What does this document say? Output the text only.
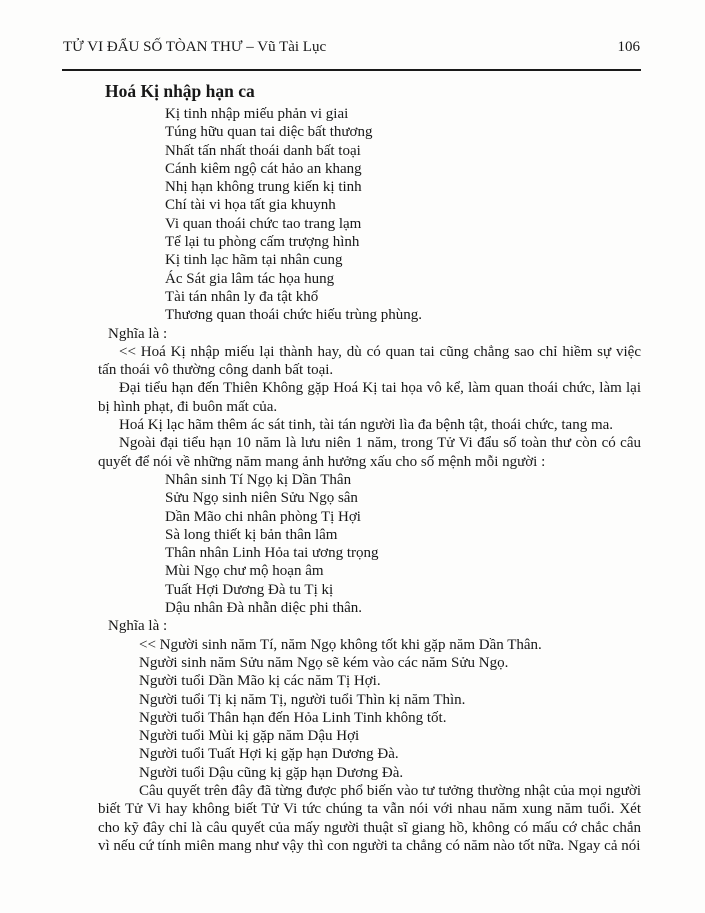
TỬ VI ĐẨU SỐ TÒAN THƯ – Vũ Tài Lục	106
Hoá Kị nhập hạn ca
Kị tinh nhập miếu phản vi giai
Túng hữu quan tai diệc bất thương
Nhất tấn nhất thoái danh bất toại
Cánh kiêm ngộ cát hảo an khang
Nhị hạn không trung kiến kị tinh
Chí tài vi họa tất gia khuynh
Vi quan thoái chức tao trang lạm
Tể lại tu phòng cấm trượng hình
Kị tinh lạc hãm tại nhân cung
Ác Sát gia lâm tác họa hung
Tài tán nhân ly đa tật khổ
Thương quan thoái chức hiếu trùng phùng.
Nghĩa là :

<< Hoá Kị nhập miếu lại thành hay, dù có quan tai cũng chẳng sao chỉ hiềm sự việc tấn thoái vô thường công danh bất toại.

Đại tiểu hạn đến Thiên Không gặp Hoá Kị tai họa vô kể, làm quan thoái chức, làm lại bị hình phạt, đi buôn mất của.

Hoá Kị lạc hãm thêm ác sát tinh, tài tán người lìa đa bệnh tật, thoái chức, tang ma.

Ngoài đại tiểu hạn 10 năm là lưu niên 1 năm, trong Tử Vi đẩu số toàn thư còn có câu quyết để nói về những năm mang ảnh hưởng xấu cho số mệnh mỗi người :

Nhân sinh Tí Ngọ kị Dần Thân
Sửu Ngọ sinh niên Sửu Ngọ sân
Dần Mão chi nhân phòng Tị Hợi
Sà long thiết kị bản thân lâm
Thân nhân Linh Hỏa tai ương trọng
Mùi Ngọ chư mộ hoạn âm
Tuất Hợi Dương Đà tu Tị kị
Dậu nhân Đà nhẫn diệc phi thân.
Nghĩa là :
<< Người sinh năm Tí, năm Ngọ không tốt khi gặp năm Dần Thân.
Người sinh năm Sửu năm Ngọ sẽ kém vào các năm Sửu Ngọ.
Người tuổi Dần Mão kị các năm Tị Hợi.
Người tuổi Tị kị năm Tị, người tuổi Thìn kị năm Thìn.
Người tuổi Thân hạn đến Hỏa Linh Tinh không tốt.
Người tuổi Mùi kị gặp năm Dậu Hợi
Người tuổi Tuất Hợi kị gặp hạn Dương Đà.
Người tuổi Dậu cũng kị gặp hạn Dương Đà.

Câu quyết trên đây đã từng được phổ biến vào tư tưởng thường nhật của mọi người biết Tử Vi hay không biết Tử Vi tức chúng ta vẫn nói với nhau năm xung năm tuổi. Xét cho kỹ đây chỉ là câu quyết của mấy người thuật sĩ giang hồ, không có mấu cớ chắc chắn vì nếu cứ tính miên mang như vậy thì con người ta chẳng có năm nào tốt nữa. Ngay cả nói
